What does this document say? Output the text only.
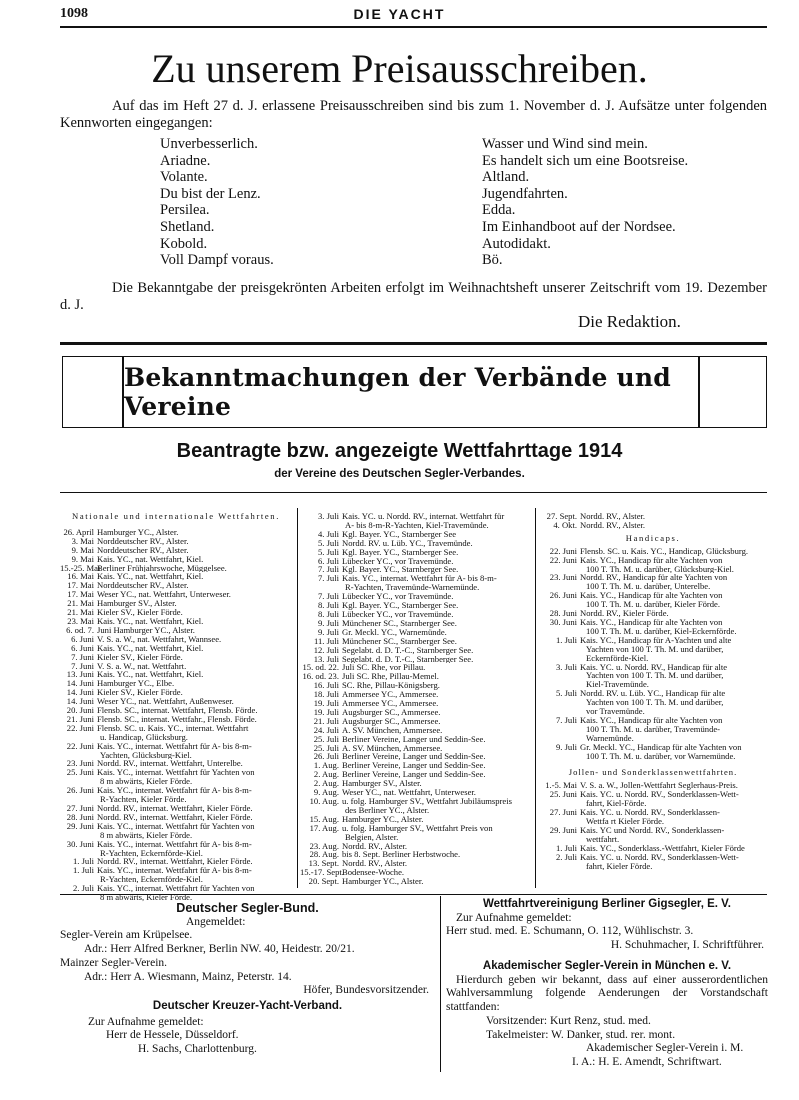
1098	DIE YACHT
Zu unserem Preisausschreiben.
Auf das im Heft 27 d. J. erlassene Preisausschreiben sind bis zum 1. November d. J. Aufsätze unter folgenden Kennworten eingegangen:
Unverbesserlich.
Ariadne.
Volante.
Du bist der Lenz.
Persilea.
Shetland.
Kobold.
Voll Dampf voraus.
Wasser und Wind sind mein.
Es handelt sich um eine Bootsreise.
Altland.
Jugendfahrten.
Edda.
Im Einhandboot auf der Nordsee.
Autodidakt.
Bö.
Die Bekanntgabe der preisgekrönten Arbeiten erfolgt im Weihnachtsheft unserer Zeitschrift vom 19. Dezember d. J.
Die Redaktion.
Bekanntmachungen der Verbände und Vereine
Beantragte bzw. angezeigte Wettfahrttage 1914
der Vereine des Deutschen Segler-Verbandes.
Nationale und internationale Wettfahrten.
26. April Hamburger YC., Alster.
3. Mai Norddeutscher RV., Alster.
9. Mai Norddeutscher RV., Alster.
9. Mai Kais. YC., nat. Wettfahrt, Kiel.
15.-25. Mai
Berliner Frühjahrswoche, Müggelsee.
16. Mai Kais. YC., nat. Wettfahrt, Kiel.
17. Mai Norddeutscher RV., Alster.
17. Mai Weser YC., nat. Wettfahrt, Unterweser.
21. Mai Hamburger SV., Alster.
21. Mai Kieler SV., Kieler Förde.
23. Mai Kais. YC., nat. Wettfahrt, Kiel.
6. od. 7. Juni Hamburger YC., Alster.
6. Juni V. S. a. W., nat. Wettfahrt, Wannsee.
6. Juni Kais. YC., nat. Wettfahrt, Kiel.
7. Juni Kieler SV., Kieler Förde.
7. Juni V. S. a. W., nat. Wettfahrt.
13. Juni Kais. YC., nat. Wettfahrt, Kiel.
14. Juni Hamburger YC., Elbe.
14. Juni Kieler SV., Kieler Förde.
14. Juni Weser YC., nat. Wettfahrt, Außenweser.
20. Juni Flensb. SC., internat. Wettfahrt, Flensb. Förde.
21. Juni Flensb. SC., internat. Wettfahr., Flensb. Förde.
22. Juni Flensb. SC. u. Kais. YC., internat. Wettfahrt
u. Handicap, Glücksburg.
22. Juni Kais. YC., internat. Wettfahrt für A- bis 8-m-
Yachten, Glücksburg-Kiel.
23. Juni Nordd. RV., internat. Wettfahrt, Unterelbe.
25. Juni Kais. YC., internat. Wettfahrt für Yachten von
8 m abwärts, Kieler Förde.
26. Juni Kais. YC., internat. Wettfahrt für A- bis 8-m-
R-Yachten, Kieler Förde.
27. Juni Nordd. RV., internat. Wettfahrt, Kieler Förde.
28. Juni Nordd. RV., internat. Wettfahrt, Kieler Förde.
29. Juni Kais. YC., internat. Wettfahrt für Yachten von
8 m abwärts, Kieler Förde.
30. Juni Kais. YC., internat. Wettfahrt für A- bis 8-m-
R-Yachten, Eckernförde-Kiel.
1. Juli Nordd. RV., internat. Wettfahrt, Kieler Förde.
1. Juli Kais. YC., internat. Wettfahrt für A- bis 8-m-
R-Yachten, Eckernförde-Kiel.
2. Juli Kais. YC., internat. Wettfahrt für Yachten von
8 m abwärts, Kieler Förde.
3. Juli Kais. YC. u. Nordd. RV., internat. Wettfahrt für
A- bis 8-m-R-Yachten, Kiel-Travemünde.
4. Juli Kgl. Bayer. YC., Starnberger See
5. Juli Nordd. RV. u. Lüb. YC., Travemünde.
5. Juli Kgl. Bayer. YC., Starnberger See.
6. Juli Lübecker YC., vor Travemünde.
7. Juli Kgl. Bayer. YC., Starnberger See.
7. Juli Kais. YC., internat. Wettfahrt für A- bis 8-m-
R-Yachten, Travemünde-Warnemünde.
7. Juli Lübecker YC., vor Travemünde.
8. Juli Kgl. Bayer. YC., Starnberger See.
8. Juli Lübecker YC., vor Travemünde.
9. Juli Münchener SC., Starnberger See.
9. Juli Gr. Meckl. YC., Warnemünde.
11. Juli Münchener SC., Starnberger See.
12. Juli Segelabt. d. D. T.-C., Starnberger See.
13. Juli Segelabt. d. D. T.-C., Starnberger See.
15. od. 22. Juli SC. Rhe, vor Pillau.
16. od. 23. Juli SC. Rhe, Pillau-Memel.
16. Juli SC. Rhe, Pillau-Königsberg.
18. Juli Ammersee YC., Ammersee.
19. Juli Ammersee YC., Ammersee.
19. Juli Augsburger SC., Ammersee.
21. Juli Augsburger SC., Ammersee.
24. Juli A. SV. München, Ammersee.
25. Juli Berliner Vereine, Langer und Seddin-See.
25. Juli A. SV. München, Ammersee.
26. Juli Berliner Vereine, Langer und Seddin-See.
1. Aug. Berliner Vereine, Langer und Seddin-See.
2. Aug. Berliner Vereine, Langer und Seddin-See.
2. Aug. Hamburger SV., Alster.
9. Aug. Weser YC., nat. Wettfahrt, Unterweser.
10. Aug. u. folg. Hamburger SV., Wettfahrt Jubiläumspreis
des Berliner YC., Alster.
15. Aug. Hamburger YC., Alster.
17. Aug. u. folg. Hamburger SV., Wettfahrt Preis von
Belgien, Alster.
23. Aug. Nordd. RV., Alster.
28. Aug. bis 8. Sept. Berliner Herbstwoche.
13. Sept. Nordd. RV., Alster.
15.-17. Sept.
Bodensee-Woche.
20. Sept. Hamburger YC., Alster.
27. Sept. Nordd. RV., Alster.
4. Okt. Nordd. RV., Alster.
Handicaps.
22. Juni Flensb. SC. u. Kais. YC., Handicap, Glücksburg.
22. Juni Kais. YC., Handicap für alte Yachten von
100 T. Th. M. u. darüber, Glücksburg-Kiel.
23. Juni Nordd. RV., Handicap für alte Yachten von
100 T. Th. M. u. darüber, Unterelbe.
26. Juni Kais. YC., Handicap für alte Yachten von
100 T. Th. M. u. darüber, Kieler Förde.
28. Juni Nordd. RV., Kieler Förde.
30. Juni Kais. YC., Handicap für alte Yachten von
100 T. Th. M. u. darüber, Kiel-Eckernförde.
1. Juli Kais. YC., Handicap für A-Yachten und alte
Yachten von 100 T. Th. M. und darüber,
Eckernförde-Kiel.
3. Juli Kais. YC. u. Nordd. RV., Handicap für alte
Yachten von 100 T. Th. M. und darüber,
Kiel-Travemünde.
5. Juli Nordd. RV. u. Lüb. YC., Handicap für alte
Yachten von 100 T. Th. M. und darüber,
vor Travemünde.
7. Juli Kais. YC., Handicap für alte Yachten von
100 T. Th. M. u. darüber, Travemünde-
Warnemünde.
9. Juli Gr. Meckl. YC., Handicap für alte Yachten von
100 T. Th. M. u. darüber, vor Warnemünde.
Jollen- und Sonderklassenwettfahrten.
1.-5. Mai V. S. a. W., Jollen-Wettfahrt Seglerhaus-Preis.
25. Juni Kais. YC. u. Nordd. RV., Sonderklassen-Wett-
fahrt, Kiel-Förde.
27. Juni Kais. YC. u. Nordd. RV., Sonderklassen-
Wettfa rt Kieler Förde.
29. Juni Kais. YC und Nordd. RV., Sonderklassen-
wettfahrt.
1. Juli Kais. YC., Sonderklass.-Wettfahrt, Kieler Förde
2. Juli Kais. YC. u. Nordd. RV., Sonderklassen-Wett-
fahrt, Kieler Förde.
Deutscher Segler-Bund.
Angemeldet:
Segler-Verein am Krüpelsee.
Adr.: Herr Alfred Berkner, Berlin NW. 40, Heidestr. 20/21.
Mainzer Segler-Verein.
Adr.: Herr A. Wiesmann, Mainz, Peterstr. 14.
Höfer, Bundesvorsitzender.
Deutscher Kreuzer-Yacht-Verband.
Zur Aufnahme gemeldet:
Herr de Hessele, Düsseldorf.
H. Sachs, Charlottenburg.
Wettfahrtvereinigung Berliner Gigsegler, E. V.
Zur Aufnahme gemeldet:
Herr stud. med. E. Schumann, O. 112, Wühlischstr. 3.
H. Schuhmacher, I. Schriftführer.
Akademischer Segler-Verein in München e. V.
Hierdurch geben wir bekannt, dass auf einer ausserordentlichen Wahlversammlung folgende Aenderungen der Vorstandschaft stattfanden:
Vorsitzender: Kurt Renz, stud. med.
Takelmeister: W. Danker, stud. rer. mont.
Akademischer Segler-Verein i. M.
I. A.: H. E. Amendt, Schriftwart.
